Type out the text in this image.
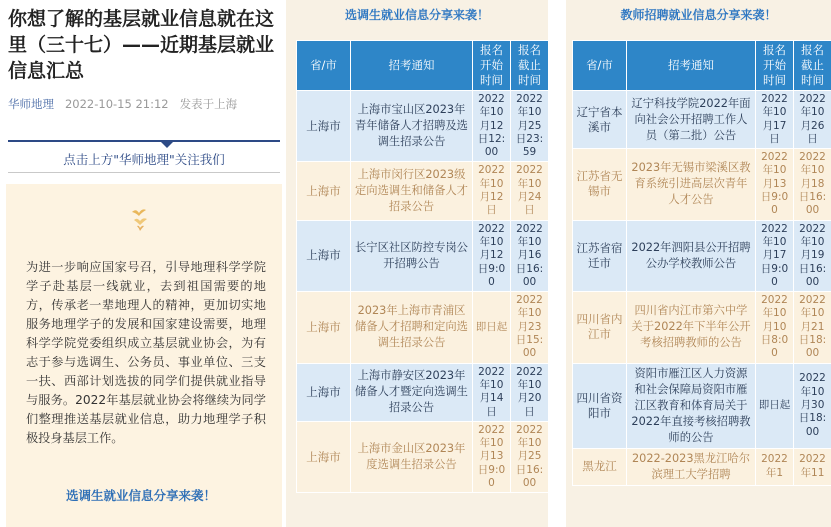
你想了解的基层就业信息就在这里（三十七）——近期基层就业信息汇总
华师地理 2022-10-15 21:12 发表于上海
点击上方"华师地理"关注我们
为进一步响应国家号召，引导地理科学学院学子赴基层一线就业，去到祖国需要的地方，传承老一辈地理人的精神，更加切实地服务地理学子的发展和国家建设需要，地理科学学院党委组织成立基层就业协会，为有志于参与选调生、公务员、事业单位、三支一扶、西部计划选拔的同学们提供就业指导与服务。2022年基层就业协会将继续为同学们整理推送基层就业信息，助力地理学子积极投身基层工作。
选调生就业信息分享来袭！
选调生就业信息分享来袭！
省/市	招考通知	报名开始时间	报名截止时间
上海市	上海市宝山区2023年青年储备人才招聘及选调生招录公告	2022年10月12日12:00	2022年10月25日23:59
上海市	上海市闵行区2023级定向选调生和储备人才招录公告	2022年10月12日	2022年10月24日
上海市	长宁区社区防控专岗公开招聘公告	2022年10月12日9:00	2022年10月16日16:00
上海市	2023年上海市青浦区储备人才招聘和定向选调生招录公告	即日起	2022年10月23日15:00
上海市	上海市静安区2023年储备人才暨定向选调生招录公告	2022年10月14日	2022年10月20日
上海市	上海市金山区2023年度选调生招录公告	2022年10月13日9:00	2022年10月25日16:00
教师招聘就业信息分享来袭！
省/市	招考通知	报名开始时间	报名截止时间
辽宁省本溪市	辽宁科技学院2022年面向社会公开招聘工作人员（第二批）公告	2022年10月17日	2022年10月26日
江苏省无锡市	2023年无锡市梁溪区教育系统引进高层次青年人才公告	2022年10月13日9:00	2022年10月18日16:00
江苏省宿迁市	2022年泗阳县公开招聘公办学校教师公告	2022年10月17日9:00	2022年10月19日16:00
四川省内江市	四川省内江市第六中学关于2022年下半年公开考核招聘教师的公告	2022年10月10日8:00	2022年10月21日18:00
四川省资阳市	资阳市雁江区人力资源和社会保障局资阳市雁江区教育和体育局关于2022年直接考核招聘教师的公告	即日起	2022年10月30日18:00
黑龙江	2022-2023黑龙江哈尔滨理工大学招聘	2022年1	2022年11
